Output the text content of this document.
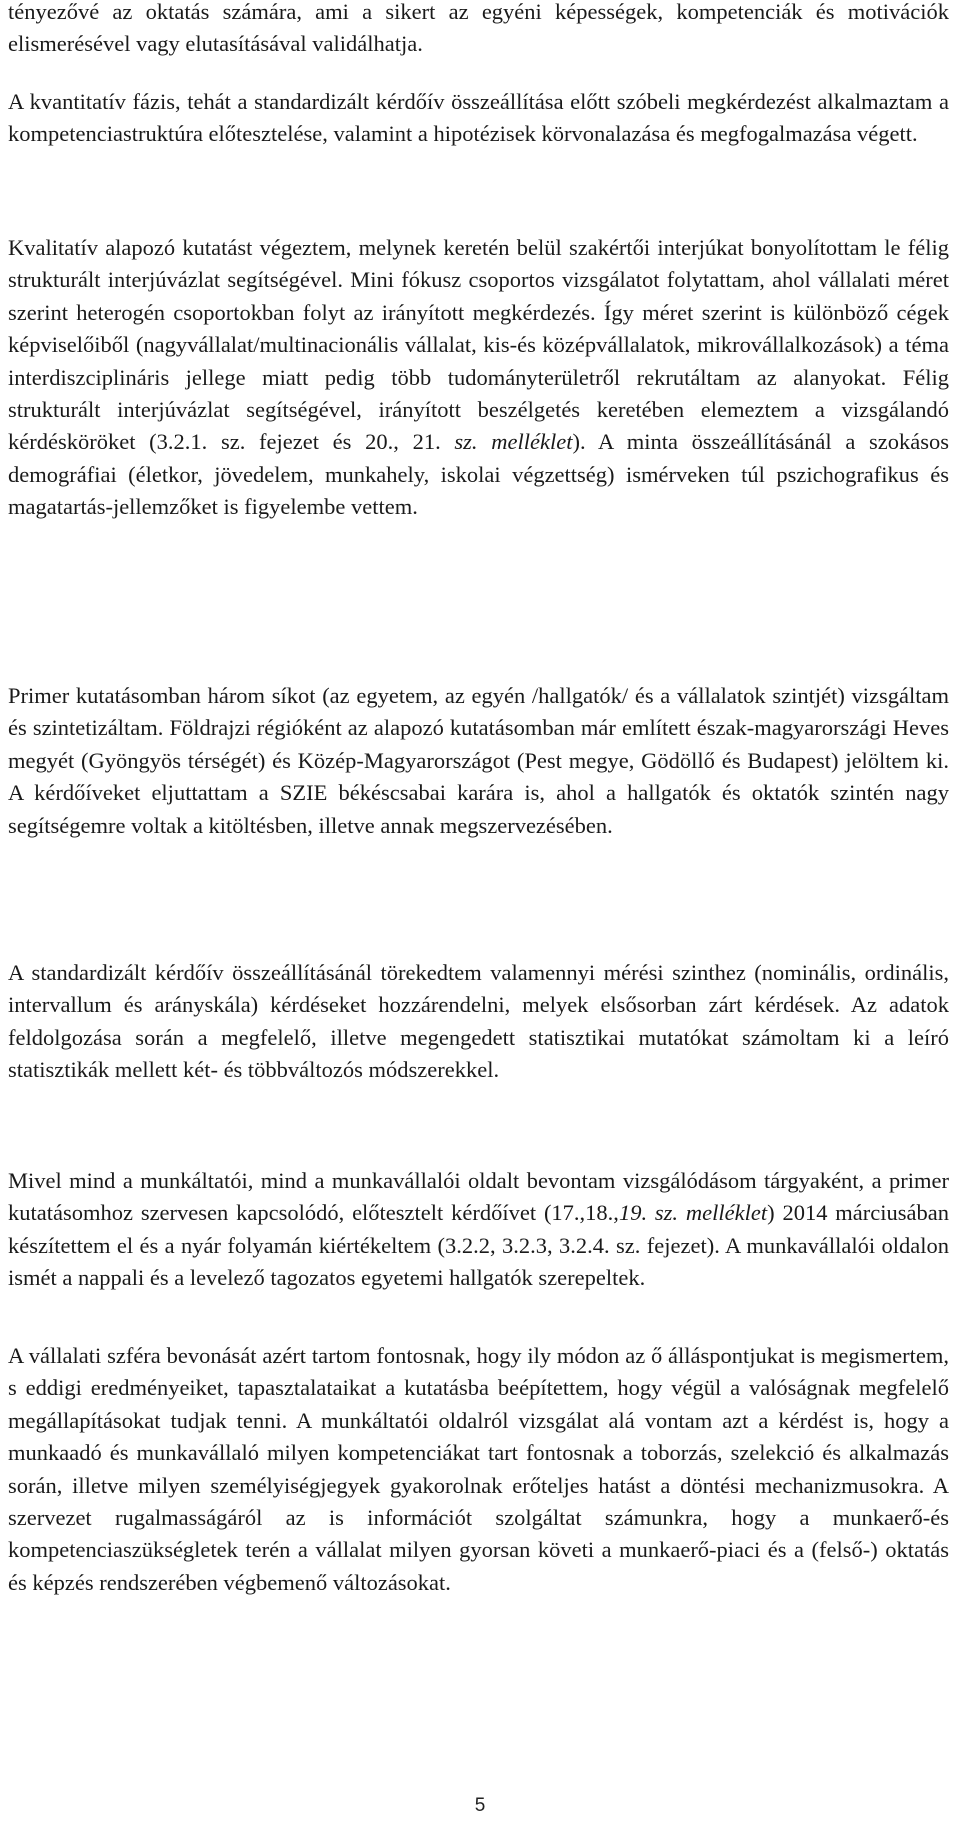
tényezővé az oktatás számára, ami a sikert az egyéni képességek, kompetenciák és motivációk elismerésével vagy elutasításával validálhatja.

A kvantitatív fázis, tehát a standardizált kérdőív összeállítása előtt szóbeli megkérdezést alkalmaztam a kompetenciastruktúra előtesztelése, valamint a hipotézisek körvonalazása és megfogalmazása végett.

Kvalitatív alapozó kutatást végeztem, melynek keretén belül szakértői interjúkat bonyolítottam le félig strukturált interjúvázlat segítségével. Mini fókusz csoportos vizsgálatot folytattam, ahol vállalati méret szerint heterogén csoportokban folyt az irányított megkérdezés. Így méret szerint is különböző cégek képviselőiből (nagyvállalat/multinacionális vállalat, kis-és középvállalatok, mikrovállalkozások) a téma interdiszciplináris jellege miatt pedig több tudományterületről rekrutáltam az alanyokat. Félig strukturált interjúvázlat segítségével, irányított beszélgetés keretében elemeztem a vizsgálandó kérdésköröket (3.2.1. sz. fejezet és 20., 21. sz. melléklet). A minta összeállításánál a szokásos demográfiai (életkor, jövedelem, munkahely, iskolai végzettség) ismérveken túl pszichografikus és magatartás-jellemzőket is figyelembe vettem.

Primer kutatásomban három síkot (az egyetem, az egyén /hallgatók/ és a vállalatok szintjét) vizsgáltam és szintetizáltam. Földrajzi régióként az alapozó kutatásomban már említett észak-magyarországi Heves megyét (Gyöngyös térségét) és Közép-Magyarországot (Pest megye, Gödöllő és Budapest) jelöltem ki. A kérdőíveket eljuttattam a SZIE békéscsabai karára is, ahol a hallgatók és oktatók szintén nagy segítségemre voltak a kitöltésben, illetve annak megszervezésében.

A standardizált kérdőív összeállításánál törekedtem valamennyi mérési szinthez (nominális, ordinális, intervallum és arányskála) kérdéseket hozzárendelni, melyek elsősorban zárt kérdések. Az adatok feldolgozása során a megfelelő, illetve megengedett statisztikai mutatókat számoltam ki a leíró statisztikák mellett két- és többváltozós módszerekkel.

Mivel mind a munkáltatói, mind a munkavállalói oldalt bevontam vizsgálódásom tárgyaként, a primer kutatásomhoz szervesen kapcsolódó, előtesztelt kérdőívet (17.,18.,19. sz. melléklet) 2014 márciusában készítettem el és a nyár folyamán kiértékeltem (3.2.2, 3.2.3, 3.2.4. sz. fejezet). A munkavállalói oldalon ismét a nappali és a levelező tagozatos egyetemi hallgatók szerepeltek.

A vállalati szféra bevonását azért tartom fontosnak, hogy ily módon az ő álláspontjukat is megismertem, s eddigi eredményeiket, tapasztalataikat a kutatásba beépítettem, hogy végül a valóságnak megfelelő megállapításokat tudjak tenni. A munkáltatói oldalról vizsgálat alá vontam azt a kérdést is, hogy a munkaadó és munkavállaló milyen kompetenciákat tart fontosnak a toborzás, szelekció és alkalmazás során, illetve milyen személyiségjegyek gyakorolnak erőteljes hatást a döntési mechanizmusokra. A szervezet rugalmasságáról az is információt szolgáltat számunkra, hogy a munkaerő-és kompetenciaszükségletek terén a vállalat milyen gyorsan követi a munkaerő-piaci és a (felső-) oktatás és képzés rendszerében végbemenő változásokat.

5
